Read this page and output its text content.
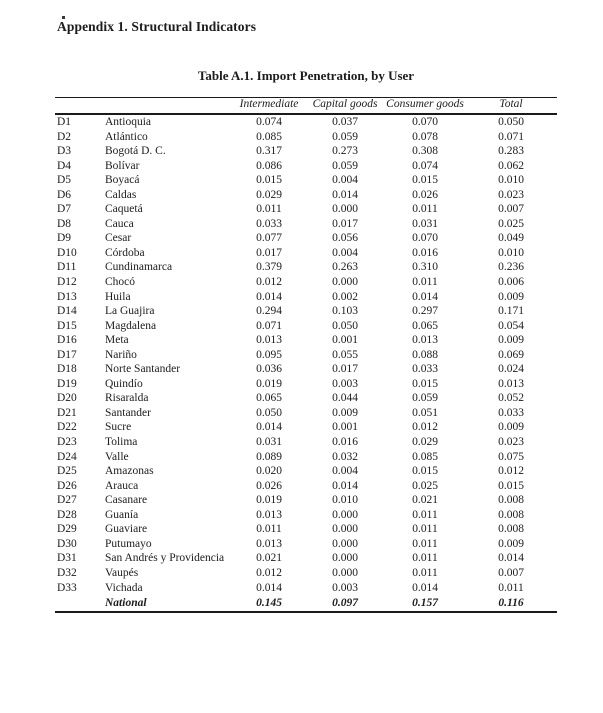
Appendix 1. Structural Indicators
Table A.1. Import Penetration, by User
		Intermediate	Capital goods	Consumer goods	Total
D1	Antioquia	0.074	0.037	0.070	0.050
D2	Atlántico	0.085	0.059	0.078	0.071
D3	Bogotá D. C.	0.317	0.273	0.308	0.283
D4	Bolívar	0.086	0.059	0.074	0.062
D5	Boyacá	0.015	0.004	0.015	0.010
D6	Caldas	0.029	0.014	0.026	0.023
D7	Caquetá	0.011	0.000	0.011	0.007
D8	Cauca	0.033	0.017	0.031	0.025
D9	Cesar	0.077	0.056	0.070	0.049
D10	Córdoba	0.017	0.004	0.016	0.010
D11	Cundinamarca	0.379	0.263	0.310	0.236
D12	Chocó	0.012	0.000	0.011	0.006
D13	Huila	0.014	0.002	0.014	0.009
D14	La Guajira	0.294	0.103	0.297	0.171
D15	Magdalena	0.071	0.050	0.065	0.054
D16	Meta	0.013	0.001	0.013	0.009
D17	Nariño	0.095	0.055	0.088	0.069
D18	Norte Santander	0.036	0.017	0.033	0.024
D19	Quindío	0.019	0.003	0.015	0.013
D20	Risaralda	0.065	0.044	0.059	0.052
D21	Santander	0.050	0.009	0.051	0.033
D22	Sucre	0.014	0.001	0.012	0.009
D23	Tolima	0.031	0.016	0.029	0.023
D24	Valle	0.089	0.032	0.085	0.075
D25	Amazonas	0.020	0.004	0.015	0.012
D26	Arauca	0.026	0.014	0.025	0.015
D27	Casanare	0.019	0.010	0.021	0.008
D28	Guanía	0.013	0.000	0.011	0.008
D29	Guaviare	0.011	0.000	0.011	0.008
D30	Putumayo	0.013	0.000	0.011	0.009
D31	San Andrés y Providencia	0.021	0.000	0.011	0.014
D32	Vaupés	0.012	0.000	0.011	0.007
D33	Vichada	0.014	0.003	0.014	0.011
	National	0.145	0.097	0.157	0.116
